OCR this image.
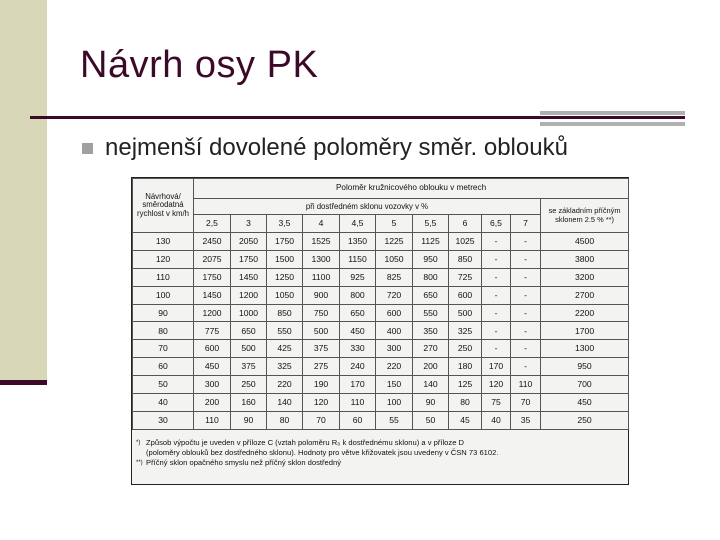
Návrh osy PK
nejmenší dovolené poloměry směr. oblouků
Návrhová/ směrodatná rychlost v km/h	Poloměr kružnicového oblouku v metrech										
	při dostředném sklonu vozovky v %										se základním příčným sklonem 2.5 % **)
	2,5	3	3,5	4	4,5	5	5,5	6	6,5	7	
130	2450	2050	1750	1525	1350	1225	1125	1025	-	-	4500
120	2075	1750	1500	1300	1150	1050	950	850	-	-	3800
110	1750	1450	1250	1100	925	825	800	725	-	-	3200
100	1450	1200	1050	900	800	720	650	600	-	-	2700
90	1200	1000	850	750	650	600	550	500	-	-	2200
80	775	650	550	500	450	400	350	325	-	-	1700
70	600	500	425	375	330	300	270	250	-	-	1300
60	450	375	325	275	240	220	200	180	170	-	950
50	300	250	220	190	170	150	140	125	120	110	700
40	200	160	140	120	110	100	90	80	75	70	450
30	110	90	80	70	60	55	50	45	40	35	250
*) Způsob výpočtu je uveden v příloze C (vztah poloměru R₀ k dostřednému sklonu) a v příloze D
(poloměry oblouků bez dostředného sklonu). Hodnoty pro větve křižovatek jsou uvedeny v ČSN 73 6102.
**) Příčný sklon opačného smyslu než příčný sklon dostředný
